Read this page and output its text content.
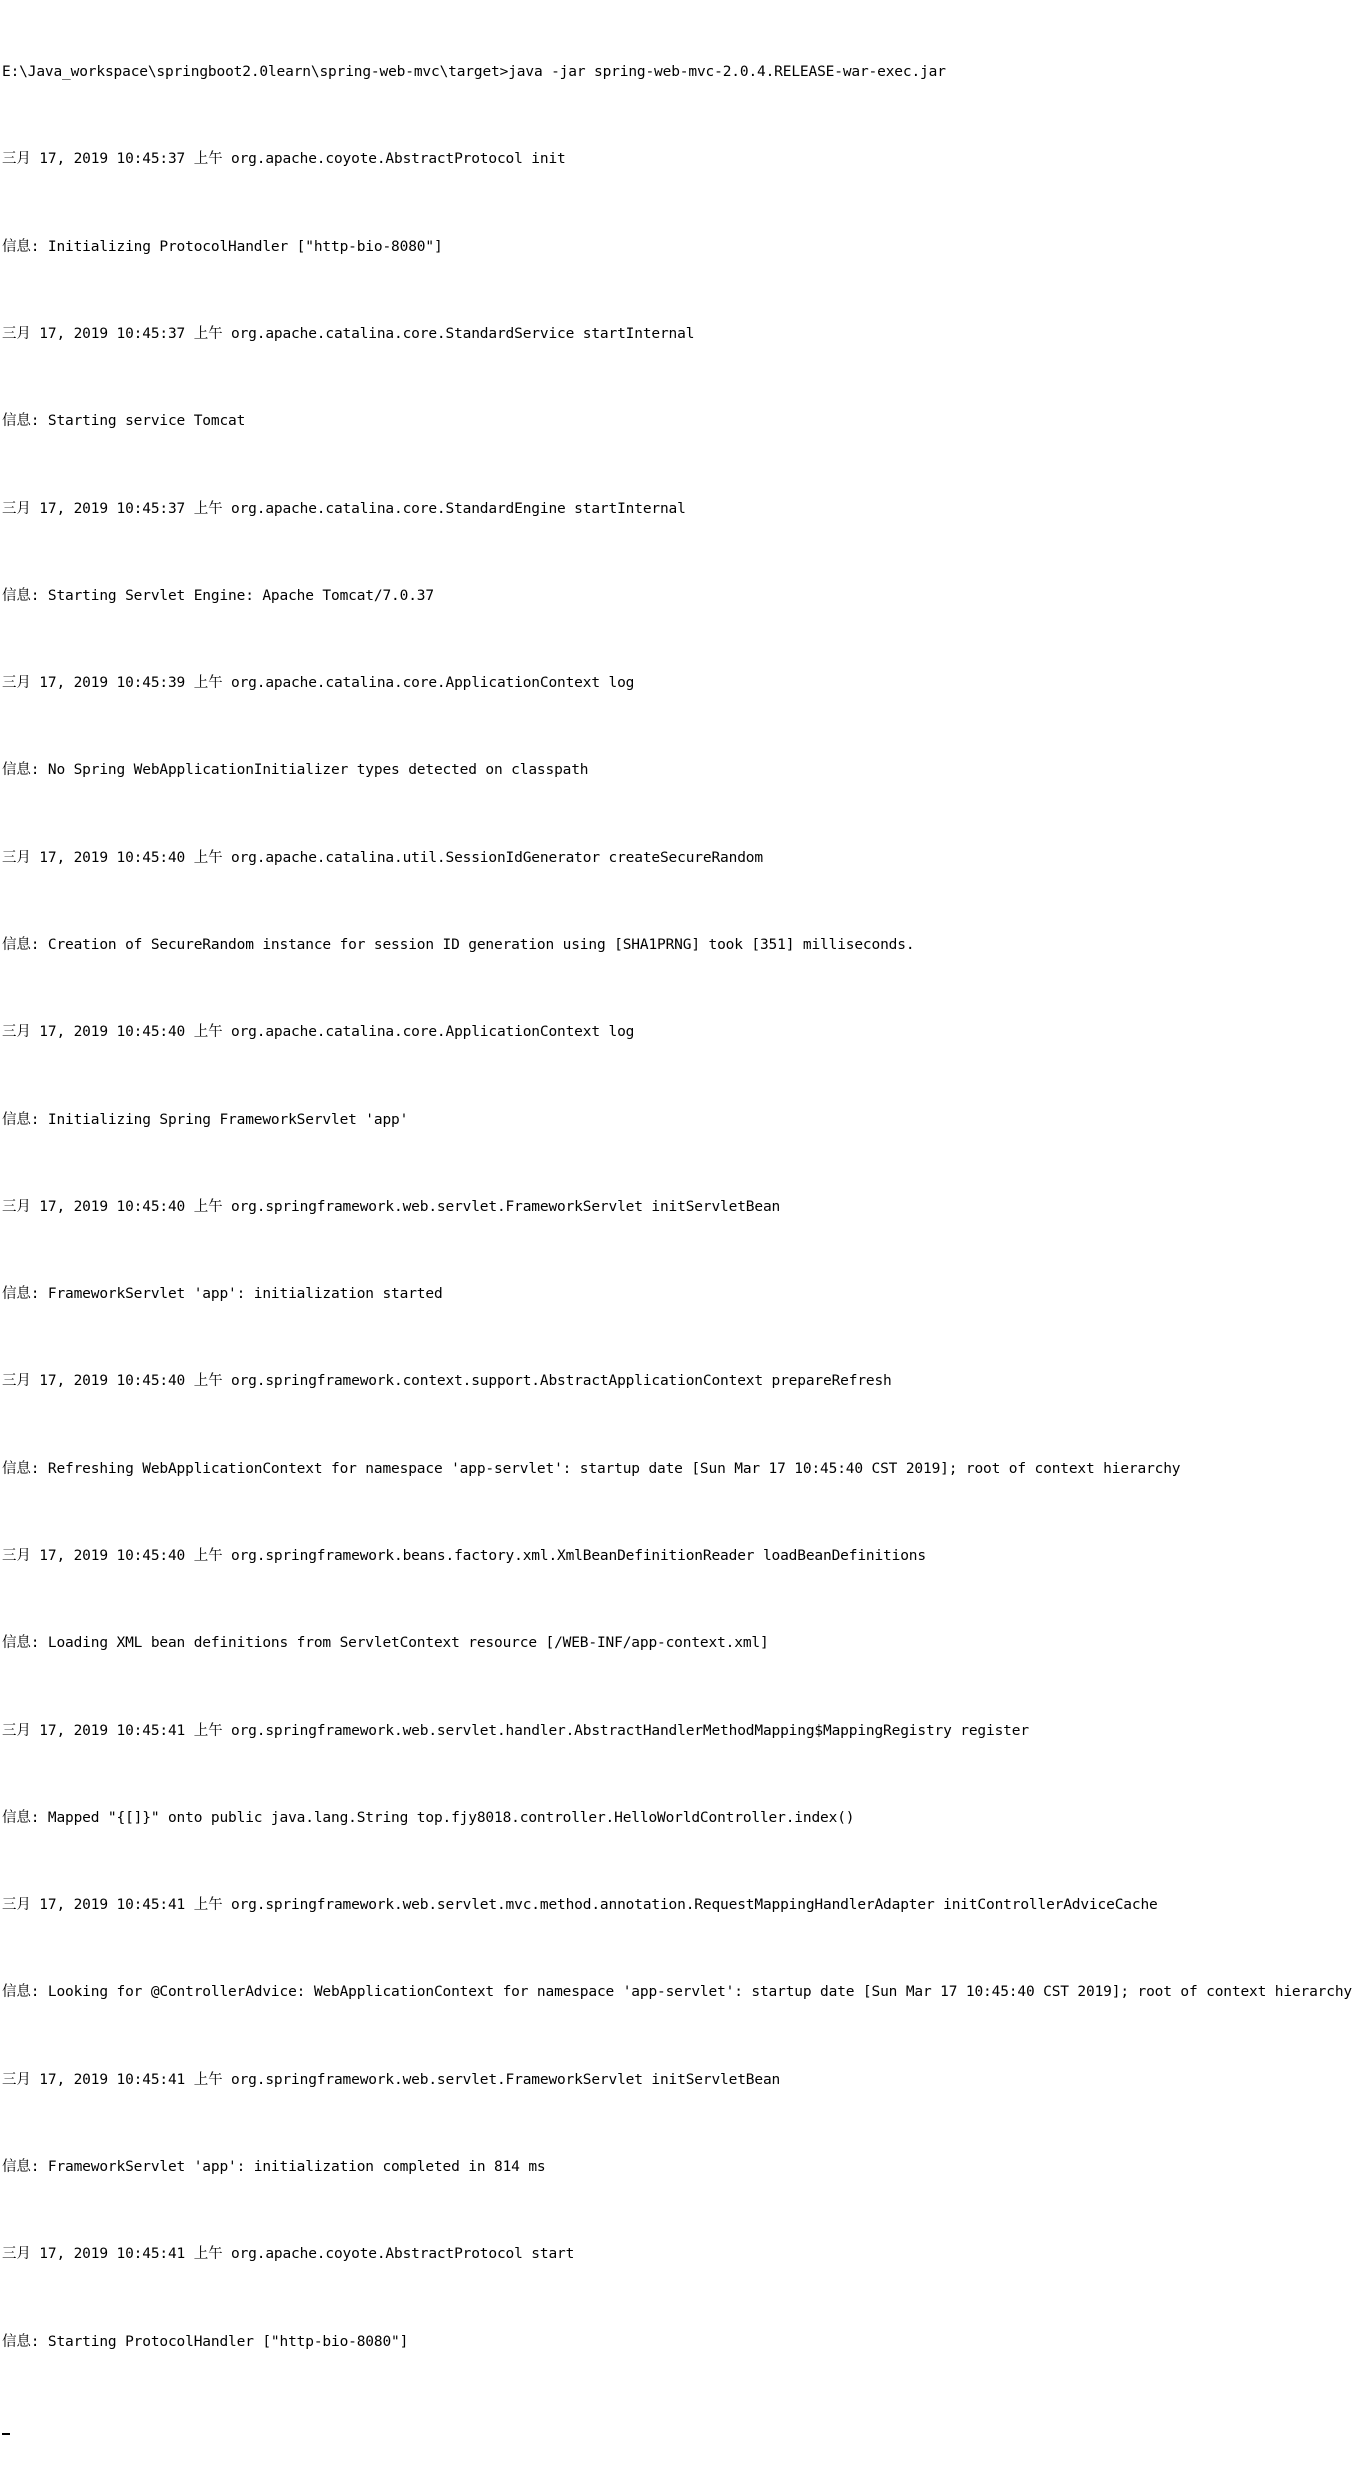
E:\Java_workspace\springboot2.0learn\spring-web-mvc\target>java -jar spring-web-mvc-2.0.4.RELEASE-war-exec.jar

三月 17, 2019 10:45:37 上午 org.apache.coyote.AbstractProtocol init

信息: Initializing ProtocolHandler ["http-bio-8080"]

三月 17, 2019 10:45:37 上午 org.apache.catalina.core.StandardService startInternal

信息: Starting service Tomcat

三月 17, 2019 10:45:37 上午 org.apache.catalina.core.StandardEngine startInternal

信息: Starting Servlet Engine: Apache Tomcat/7.0.37

三月 17, 2019 10:45:39 上午 org.apache.catalina.core.ApplicationContext log

信息: No Spring WebApplicationInitializer types detected on classpath

三月 17, 2019 10:45:40 上午 org.apache.catalina.util.SessionIdGenerator createSecureRandom

信息: Creation of SecureRandom instance for session ID generation using [SHA1PRNG] took [351] milliseconds.

三月 17, 2019 10:45:40 上午 org.apache.catalina.core.ApplicationContext log

信息: Initializing Spring FrameworkServlet 'app'

三月 17, 2019 10:45:40 上午 org.springframework.web.servlet.FrameworkServlet initServletBean

信息: FrameworkServlet 'app': initialization started

三月 17, 2019 10:45:40 上午 org.springframework.context.support.AbstractApplicationContext prepareRefresh

信息: Refreshing WebApplicationContext for namespace 'app-servlet': startup date [Sun Mar 17 10:45:40 CST 2019]; root of context hierarchy

三月 17, 2019 10:45:40 上午 org.springframework.beans.factory.xml.XmlBeanDefinitionReader loadBeanDefinitions

信息: Loading XML bean definitions from ServletContext resource [/WEB-INF/app-context.xml]

三月 17, 2019 10:45:41 上午 org.springframework.web.servlet.handler.AbstractHandlerMethodMapping$MappingRegistry register

信息: Mapped "{[]}" onto public java.lang.String top.fjy8018.controller.HelloWorldController.index()

三月 17, 2019 10:45:41 上午 org.springframework.web.servlet.mvc.method.annotation.RequestMappingHandlerAdapter initControllerAdviceCache

信息: Looking for @ControllerAdvice: WebApplicationContext for namespace 'app-servlet': startup date [Sun Mar 17 10:45:40 CST 2019]; root of context hierarchy

三月 17, 2019 10:45:41 上午 org.springframework.web.servlet.FrameworkServlet initServletBean

信息: FrameworkServlet 'app': initialization completed in 814 ms

三月 17, 2019 10:45:41 上午 org.apache.coyote.AbstractProtocol start

信息: Starting ProtocolHandler ["http-bio-8080"]
